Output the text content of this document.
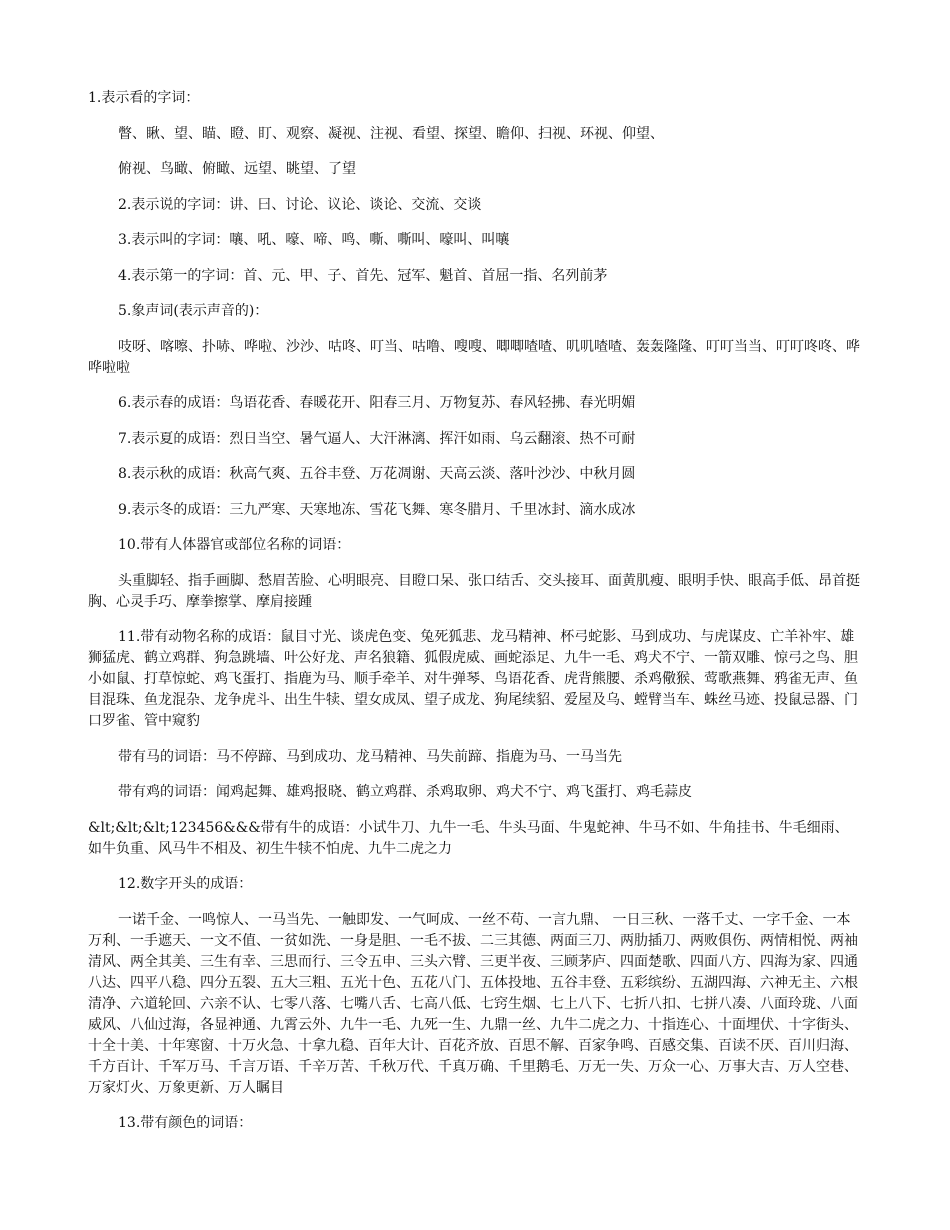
1.表示看的字词：

瞥、瞅、望、瞄、瞪、盯、观察、凝视、注视、看望、探望、瞻仰、扫视、环视、仰望、

俯视、鸟瞰、俯瞰、远望、眺望、了望

2.表示说的字词：讲、曰、讨论、议论、谈论、交流、交谈

3.表示叫的字词：嚷、吼、嚎、啼、鸣、嘶、嘶叫、嚎叫、叫嚷

4.表示第一的字词：首、元、甲、子、首先、冠军、魁首、首屈一指、名列前茅

5.象声词(表示声音的)：

吱呀、喀嚓、扑哧、哗啦、沙沙、咕咚、叮当、咕噜、嗖嗖、唧唧喳喳、叽叽喳喳、轰轰隆隆、叮叮当当、叮叮咚咚、哗哗啦啦

6.表示春的成语：鸟语花香、春暖花开、阳春三月、万物复苏、春风轻拂、春光明媚

7.表示夏的成语：烈日当空、暑气逼人、大汗淋漓、挥汗如雨、乌云翻滚、热不可耐

8.表示秋的成语：秋高气爽、五谷丰登、万花凋谢、天高云淡、落叶沙沙、中秋月圆

9.表示冬的成语：三九严寒、天寒地冻、雪花飞舞、寒冬腊月、千里冰封、滴水成冰

10.带有人体器官或部位名称的词语：

头重脚轻、指手画脚、愁眉苦脸、心明眼亮、目瞪口呆、张口结舌、交头接耳、面黄肌瘦、眼明手快、眼高手低、昂首挺胸、心灵手巧、摩拳擦掌、摩肩接踵

11.带有动物名称的成语：鼠目寸光、谈虎色变、兔死狐悲、龙马精神、杯弓蛇影、马到成功、与虎谋皮、亡羊补牢、雄狮猛虎、鹤立鸡群、狗急跳墙、叶公好龙、声名狼籍、狐假虎威、画蛇添足、九牛一毛、鸡犬不宁、一箭双雕、惊弓之鸟、胆小如鼠、打草惊蛇、鸡飞蛋打、指鹿为马、顺手牵羊、对牛弹琴、鸟语花香、虎背熊腰、杀鸡儆猴、莺歌燕舞、鸦雀无声、鱼目混珠、鱼龙混杂、龙争虎斗、出生牛犊、望女成凤、望子成龙、狗尾续貂、爱屋及乌、螳臂当车、蛛丝马迹、投鼠忌器、门口罗雀、管中窥豹

带有马的词语：马不停蹄、马到成功、龙马精神、马失前蹄、指鹿为马、一马当先

带有鸡的词语：闻鸡起舞、雄鸡报晓、鹤立鸡群、杀鸡取卵、鸡犬不宁、鸡飞蛋打、鸡毛蒜皮

&lt;&lt;&lt;123456&&&带有牛的成语：小试牛刀、九牛一毛、牛头马面、牛鬼蛇神、牛马不如、牛角挂书、牛毛细雨、如牛负重、风马牛不相及、初生牛犊不怕虎、九牛二虎之力

12.数字开头的成语：

一诺千金、一鸣惊人、一马当先、一触即发、一气呵成、一丝不苟、一言九鼎、 一日三秋、一落千丈、一字千金、一本万利、一手遮天、一文不值、一贫如洗、一身是胆、一毛不拔、二三其德、两面三刀、两肋插刀、两败俱伤、两情相悦、两袖清风、两全其美、三生有幸、三思而行、三令五申、三头六臂、三更半夜、三顾茅庐、四面楚歌、四面八方、四海为家、四通八达、四平八稳、四分五裂、五大三粗、五光十色、五花八门、五体投地、五谷丰登、五彩缤纷、五湖四海、六神无主、六根清净、六道轮回、六亲不认、七零八落、七嘴八舌、七高八低、七窍生烟、七上八下、七折八扣、七拼八凑、八面玲珑、八面威风、八仙过海，各显神通、九霄云外、九牛一毛、九死一生、九鼎一丝、九牛二虎之力、十指连心、十面埋伏、十字街头、十全十美、十年寒窗、十万火急、十拿九稳、百年大计、百花齐放、百思不解、百家争鸣、百感交集、百读不厌、百川归海、千方百计、千军万马、千言万语、千辛万苦、千秋万代、千真万确、千里鹅毛、万无一失、万众一心、万事大吉、万人空巷、万家灯火、万象更新、万人瞩目

13.带有颜色的词语：
